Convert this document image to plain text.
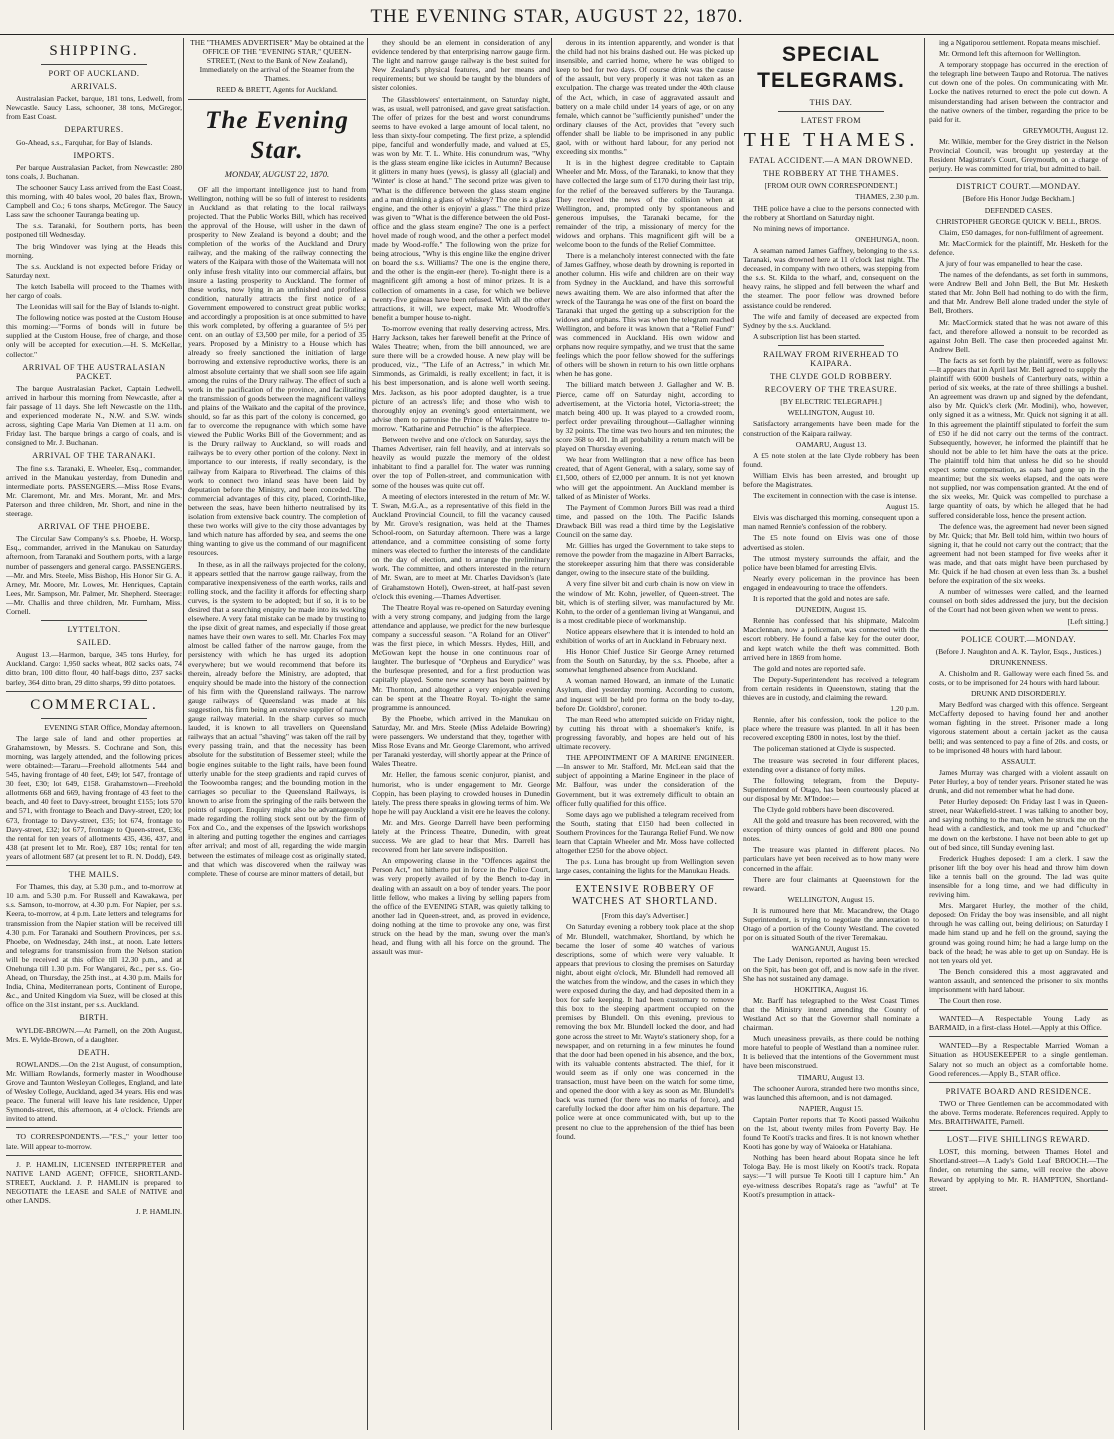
THE EVENING STAR, AUGUST 22, 1870.
SHIPPING.
PORT OF AUCKLAND.
ARRIVALS.

Australasian Packet, barque, 181 tons, Ledwell, from Newcastle. Saucy Lass, schooner, 38 tons, McGregor, from East Coast.

DEPARTURES.

Go-Ahead, s.s., Farquhar, for Bay of Islands.

IMPORTS.

Per barque Australasian Packet, from Newcastle: 280 tons coals, J. Buchanan.

The schooner Saucy Lass arrived from the East Coast, this morning, with 40 bales wool, 20 bales flax, Brown, Campbell and Co.; 6 tons sharps, McGregor. The Saucy Lass saw the schooner Tauranga beating up.

The s.s. Taranaki, for Southern ports, has been postponed till Wednesday.

The brig Windover was lying at the Heads this morning.

The s.s. Auckland is not expected before Friday or Saturday next.

The ketch Isabella will proceed to the Thames with her cargo of coals.

The Leonidas will sail for the Bay of Islands to-night.

The following notice was posted at the Custom House this morning:—"Forms of bonds will in future be supplied at the Custom House, free of charge, and those only will be accepted for execution.—H. S. McKellar, collector."

ARRIVAL OF THE AUSTRALASIAN PACKET.

The barque Australasian Packet, Captain Ledwell, arrived in harbour this morning from Newcastle, after a fair passage of 11 days. She left Newcastle on the 11th, and experienced moderate N., N.W. and S.W. winds across, sighting Cape Maria Van Diemen at 11 a.m. on Friday last. The barque brings a cargo of coals, and is consigned to Mr. J. Buchanan.

ARRIVAL OF THE TARANAKI.

The fine s.s. Taranaki, E. Wheeler, Esq., commander, arrived in the Manukau yesterday, from Dunedin and intermediate ports. PASSENGERS.—Miss Rose Evans, Mr. Claremont, Mr. and Mrs. Morant, Mr. and Mrs. Paterson and three children, Mr. Short, and nine in the steerage.

ARRIVAL OF THE PHOEBE.

The Circular Saw Company's s.s. Phoebe, H. Worsp, Esq., commander, arrived in the Manukau on Saturday afternoon, from Taranaki and Southern ports, with a large number of passengers and general cargo. PASSENGERS.—Mr. and Mrs. Steele, Miss Bishop, His Honor Sir G. A. Arney, Mr. Moore, Mr. Lowes, Mr. Henriques, Captain Lees, Mr. Sampson, Mr. Palmer, Mr. Shepherd. Steerage:—Mr. Challis and three children, Mr. Furnham, Miss. Cornell.

LYTTELTON.
SAILED.

August 13.—Harmon, barque, 345 tons Hurley, for Auckland. Cargo: 1,950 sacks wheat, 802 sacks oats, 74 ditto bran, 100 ditto flour, 40 half-bags ditto, 237 sacks barley, 364 ditto bran, 29 ditto sharps, 99 ditto potatoes.

COMMERCIAL.

EVENING STAR Office, Monday afternoon.

The large sale of land and other properties at Grahamstown, by Messrs. S. Cochrane and Son, this morning, was largely attended, and the following prices were obtained:—Tararu—Freehold allotments 544 and 545, having frontage of 40 feet, £49; lot 547, frontage of 30 feet, £30; lot 649, £158. Grahamstown—Freehold allotments 668 and 669, having frontage of 43 feet to the beach, and 40 feet to Davy-street, brought £155; lots 570 and 571, with frontage to Beach and Davy-street, £20; lot 673, frontage to Davy-street, £35; lot 674, frontage to Davy-street, £32; lot 677, frontage to Queen-street, £36; the rental for ten years of allotments 435, 436, 437, and 438 (at present let to Mr. Roe), £87 10s; rental for ten years of allotment 687 (at present let to R. N. Dodd), £49.

THE MAILS.

For Thames, this day, at 5.30 p.m., and to-morrow at 10 a.m. and 5.30 p.m. For Russell and Kawakawa, per s.s. Samson, to-morrow, at 4.30 p.m. For Napier, per s.s. Keera, to-morrow, at 4 p.m. Late letters and telegrams for transmission from the Napier station will be received till 4.30 p.m. For Taranaki and Southern Provinces, per s.s. Phoebe, on Wednesday, 24th inst., at noon. Late letters and telegrams for transmission from the Nelson station will be received at this office till 12.30 p.m., and at Onehunga till 1.30 p.m. For Wangarei, &c., per s.s. Go-Ahead, on Thursday, the 25th inst., at 4.30 p.m. Mails for India, China, Mediterranean ports, Continent of Europe, &c., and United Kingdom via Suez, will be closed at this office on the 31st instant, per s.s. Auckland.

BIRTH.

WYLDE-BROWN.—At Parnell, on the 20th August, Mrs. E. Wylde-Brown, of a daughter.

DEATH.

ROWLANDS.—On the 21st August, of consumption, Mr. William Rowlands, formerly master in Woodhouse Grove and Taunton Wesleyan Colleges, England, and late of Wesley College, Auckland, aged 34 years. His end was peace. The funeral will leave his late residence, Upper Symonds-street, this afternoon, at 4 o'clock. Friends are invited to attend.

TO CORRESPONDENTS.—"F.S.," your letter too late. Will appear to-morrow.

J. P. HAMLIN, LICENSED INTERPRETER and NATIVE LAND AGENT; OFFICE, SHORTLAND-STREET, Auckland. J. P. HAMLIN is prepared to NEGOTIATE the LEASE and SALE of NATIVE and other LANDS.

J. P. HAMLIN.

THE "THAMES ADVERTISER" May be obtained at the OFFICE OF THE "EVENING STAR," QUEEN-STREET, (Next to the Bank of New Zealand), Immediately on the arrival of the Steamer from the Thames.

REED & BRETT, Agents for Auckland.

The Evening Star.
MONDAY, AUGUST 22, 1870.

OF all the important intelligence just to hand from Wellington, nothing will be so full of interest to residents in Auckland as that relating to the local railways projected. That the Public Works Bill, which has received the approval of the House, will usher in the dawn of prosperity to New Zealand is beyond a doubt; and the completion of the works of the Auckland and Drury railway, and the making of the railway connecting the waters of the Kaipara with those of the Waitemata will not only infuse fresh vitality into our commercial affairs, but insure a lasting prosperity to Auckland. The former of these works, now lying in an unfinished and profitless condition, naturally attracts the first notice of a Government empowered to construct great public works; and accordingly a proposition is at once submitted to have this work completed, by offering a guarantee of 5½ per cent. on an outlay of £3,500 per mile, for a period of 35 years. Proposed by a Ministry to a House which has already so freely sanctioned the initiation of large borrowing and extensive reproductive works, there is an almost absolute certainty that we shall soon see life again among the ruins of the Drury railway. The effect of such a work in the pacification of the province, and facilitating the transmission of goods between the magnificent valleys and plains of the Waikato and the capital of the province, should, so far as this part of the colony is concerned, go far to overcome the repugnance with which some have viewed the Public Works Bill of the Government; and as is the Drury railway to Auckland, so will roads and railways be to every other portion of the colony. Next in importance to our interests, if really secondary, is the railway from Kaipara to Riverhead. The claims of this work to connect two inland seas have been laid by deputation before the Ministry, and been conceded. The commercial advantages of this city, placed, Corinth-like, between the seas, have been hitherto neutralised by its isolation from extensive back country. The completion of these two works will give to the city those advantages by land which nature has afforded by sea, and seems the one thing wanting to give us the command of our magnificent resources.

In these, as in all the railways projected for the colony, it appears settled that the narrow gauge railway, from the comparative inexpensiveness of the earth works, rails and rolling stock, and the facility it affords for effecting sharp curves, is the system to be adopted; but if so, it is to be desired that a searching enquiry be made into its working elsewhere. A very fatal mistake can be made by trusting to the ipse dixit of great names, and especially if those great names have their own wares to sell. Mr. Charles Fox may almost be called father of the narrow gauge, from the persistency with which he has urged its adoption everywhere; but we would recommend that before its therein, already before the Ministry, are adopted, that enquiry should be made into the history of the connection of his firm with the Queensland railways. The narrow gauge railways of Queensland was made at his suggestion, his firm being an extensive supplier of narrow gauge railway material. In the sharp curves so much lauded, it is known to all travellers on Queensland railways that an actual "shaving" was taken off the rail by every passing train, and that the necessity has been absolute for the substitution of Bessemer steel; while the bogie engines suitable to the light rails, have been found utterly unable for the steep gradients and rapid curves of the Toowoomba ranges; and the bounding motion in the carriages so peculiar to the Queensland Railways, is known to arise from the springing of the rails between the points of support. Enquiry might also be advantageously made regarding the rolling stock sent out by the firm of Fox and Co., and the expenses of the Ipswich workshops in altering and putting together the engines and carriages after arrival; and most of all, regarding the wide margin between the estimates of mileage cost as originally stated, and that which was discovered when the railway was complete. These of course are minor matters of detail, but

they should be an element in consideration of any evidence tendered by that enterprising narrow gauge firm. The light and narrow gauge railway is the best suited for New Zealand's physical features, and her means and requirements; but we should be taught by the blunders of sister colonies.

The Glassblowers' entertainment, on Saturday night, was, as usual, well patronised, and gave great satisfaction. The offer of prizes for the best and worst conundrums seems to have evoked a large amount of local talent, no less than sixty-four competing. The first prize, a splendid pipe, fanciful and wonderfully made, and valued at £5, was won by Mr. T. L. White. His conundrum was, "Why is the glass steam engine like icicles in Autumn? Because it glitters in many hues (yews), is glassy all (glacial) and 'Winter' is close at hand." The second prize was given to "What is the difference between the glass steam engine and a man drinking a glass of whiskey? The one is a glass engine, and the other is enjoyin' a glass." The third prize was given to "What is the difference between the old Post-office and the glass steam engine? The one is a perfect hovel made of rough wood, and the other a perfect model made by Wood-roffe." The following won the prize for being atrocious, "Why is this engine like the engine driver on board the s.s. Williams? The one is the engine there, and the other is the engin-eer (here). To-night there is a magnificent gift among a host of minor prizes. It is a collection of ornaments in a case, for which we believe twenty-five guineas have been refused. With all the other attractions, it will, we expect, make Mr. Woodroffe's benefit a bumper house to-night.

To-morrow evening that really deserving actress, Mrs. Harry Jackson, takes her farewell benefit at the Prince of Wales Theatre; when, from the bill announced, we are sure there will be a crowded house. A new play will be produced, viz., "The Life of an Actress," in which Mr. Simmonds, as Grimaldi, is really excellent; in fact, it is his best impersonation, and is alone well worth seeing. Mrs. Jackson, as his poor adopted daughter, is a true picture of an actress's life; and those who wish to thoroughly enjoy an evening's good entertainment, we advise them to patronise the Prince of Wales Theatre to-morrow. "Katharine and Petruchio" is the afterpiece.

Between twelve and one o'clock on Saturday, says the Thames Advertiser, rain fell heavily, and at intervals so heavily as would puzzle the memory of the oldest inhabitant to find a parallel for. The water was running over the top of Pollen-street, and communication with some of the houses was quite cut off.

A meeting of electors interested in the return of Mr. W. T. Swan, M.G.A., as a representative of this field in the Auckland Provincial Council, to fill the vacancy caused by Mr. Grove's resignation, was held at the Thames School-room, on Saturday afternoon. There was a large attendance, and a committee consisting of some forty miners was elected to further the interests of the candidate on the day of election, and to arrange the preliminary work. The committee, and others interested in the return of Mr. Swan, are to meet at Mr. Charles Davidson's (late of Grahamstown Hotel), Owen-street, at half-past seven o'clock this evening.—Thames Advertiser.

The Theatre Royal was re-opened on Saturday evening with a very strong company, and judging from the large attendance and applause, we predict for the new burlesque company a successful season. "A Roland for an Oliver" was the first piece, in which Messrs. Hydes, Hill, and McGowan kept the house in one continuous roar of laughter. The burlesque of "Orpheus and Eurydice" was the burlesque presented, and for a first production was capitally played. Some new scenery has been painted by Mr. Thornton, and altogether a very enjoyable evening can be spent at the Theatre Royal. To-night the same programme is announced.

By the Phoebe, which arrived in the Manukau on Saturday, Mr. and Mrs. Steele (Miss Adelaide Bowring) were passengers. We understand that they, together with Miss Rose Evans and Mr. George Claremont, who arrived per Taranaki yesterday, will shortly appear at the Prince of Wales Theatre.

Mr. Heller, the famous scenic conjuror, pianist, and humorist, who is under engagement to Mr. George Coppin, has been playing to crowded houses in Dunedin lately. The press there speaks in glowing terms of him. We hope he will pay Auckland a visit ere he leaves the colony.

Mr. and Mrs. George Darrell have been performing lately at the Princess Theatre, Dunedin, with great success. We are glad to hear that Mrs. Darrell has recovered from her late severe indisposition.

An empowering clause in the "Offences against the Person Act," not hitherto put in force in the Police Court, was very properly availed of by the Bench to-day in dealing with an assault on a boy of tender years. The poor little fellow, who makes a living by selling papers from the office of the EVENING STAR, was quietly talking to another lad in Queen-street, and, as proved in evidence, doing nothing at the time to provoke any one, was first struck on the head by the man, swung over the man's head, and flung with all his force on the ground. The assault was mur-

derous in its intention apparently, and wonder is that the child had not his brains dashed out. He was picked up insensible, and carried home, where he was obliged to keep to bed for two days. Of course drink was the cause of the assault, but very properly it was not taken as an exculpation. The charge was treated under the 40th clause of the Act, which, in case of aggravated assault and battery on a male child under 14 years of age, or on any female, which cannot be "sufficiently punished" under the ordinary clauses of the Act, provides that "every such offender shall be liable to be imprisoned in any public gaol, with or without hard labour, for any period not exceeding six months."

It is in the highest degree creditable to Captain Wheeler and Mr. Moss, of the Taranaki, to know that they have collected the large sum of £170 during their last trip, for the relief of the bereaved sufferers by the Tauranga. They received the news of the collision when at Wellington, and, prompted only by spontaneous and generous impulses, the Taranaki became, for the remainder of the trip, a missionary of mercy for the widows and orphans. This magnificent gift will be a welcome boon to the funds of the Relief Committee.

There is a melancholy interest connected with the fate of James Gaffney, whose death by drowning is reported in another column. His wife and children are on their way from Sydney in the Auckland, and have this sorrowful news awaiting them. We are also informed that after the wreck of the Tauranga he was one of the first on board the Taranaki that urged the getting up a subscription for the widows and orphans. This was when the telegram reached Wellington, and before it was known that a "Relief Fund" was commenced in Auckland. His own widow and orphans now require sympathy, and we trust that the same feelings which the poor fellow showed for the sufferings of others will be shown in return to his own little orphans when he has gone.

The billiard match between J. Gallagher and W. B. Pierce, came off on Saturday night, according to advertisement, at the Victoria hotel, Victoria-street; the match being 400 up. It was played to a crowded room, perfect order prevailing throughout—Gallagher winning by 32 points. The time was two hours and ten minutes; the score 368 to 401. In all probability a return match will be played on Thursday evening.

We hear from Wellington that a new office has been created, that of Agent General, with a salary, some say of £1,500, others of £2,000 per annum. It is not yet known who will get the appointment. An Auckland member is talked of as Minister of Works.

The Payment of Common Jurors Bill was read a third time, and passed on the 10th. The Pacific Islands Drawback Bill was read a third time by the Legislative Council on the same day.

Mr. Gillies has urged the Government to take steps to remove the powder from the magazine in Albert Barracks, the storekeeper assuring him that there was considerable danger, owing to the insecure state of the building.

A very fine silver bit and curb chain is now on view in the window of Mr. Kohn, jeweller, of Queen-street. The bit, which is of sterling silver, was manufactured by Mr. Kohn, to the order of a gentleman living at Wanganui, and is a most creditable piece of workmanship.

Notice appears elsewhere that it is intended to hold an exhibition of works of art in Auckland in February next.

His Honor Chief Justice Sir George Arney returned from the South on Saturday, by the s.s. Phoebe, after a somewhat lengthened absence from Auckland.

A woman named Howard, an inmate of the Lunatic Asylum, died yesterday morning. According to custom, and inquest will be held pro forma on the body to-day, before Dr. Goldsbro', coroner.

The man Reed who attempted suicide on Friday night, by cutting his throat with a shoemaker's knife, is progressing favorably, and hopes are held out of his ultimate recovery.

THE APPOINTMENT OF A MARINE ENGINEER.—In answer to Mr. Stafford, Mr. McLean said that the subject of appointing a Marine Engineer in the place of Mr. Balfour, was under the consideration of the Government, but it was extremely difficult to obtain an officer fully qualified for this office.

Some days ago we published a telegram received from the South, stating that £150 had been collected in Southern Provinces for the Tauranga Relief Fund. We now learn that Captain Wheeler and Mr. Moss have collected altogether £250 for the above object.

The p.s. Luna has brought up from Wellington seven large cases, containing the lights for the Manukau Heads.

EXTENSIVE ROBBERY OF WATCHES AT SHORTLAND.

[From this day's Advertiser.]

On Saturday evening a robbery took place at the shop of Mr. Blundell, watchmaker, Shortland, by which he became the loser of some 40 watches of various descriptions, some of which were very valuable. It appears that previous to closing the premises on Saturday night, about eight o'clock, Mr. Blundell had removed all the watches from the window, and the cases in which they were exposed during the day, and had deposited them in a box for safe keeping. It had been customary to remove this box to the sleeping apartment occupied on the premises by Blundell. On this evening, previous to removing the box Mr. Blundell locked the door, and had gone across the street to Mr. Wayte's stationery shop, for a newspaper, and on returning in a few minutes he found that the door had been opened in his absence, and the box, with its valuable contents abstracted. The thief, for it would seem as if only one was concerned in the transaction, must have been on the watch for some time, and opened the door with a key as soon as Mr. Blundell's back was turned (for there was no marks of force), and carefully locked the door after him on his departure. The police were at once communicated with, but up to the present no clue to the apprehension of the thief has been found.

ing a Ngatiporou settlement. Ropata means mischief.

Mr. Ormond left this afternoon for Wellington.

A temporary stoppage has occurred in the erection of the telegraph line between Taupo and Rotorua. The natives cut down one of the poles. On communicating with Mr. Locke the natives returned to erect the pole cut down. A misunderstanding had arisen between the contractor and the native owners of the timber, regarding the price to be paid for it.

GREYMOUTH, August 12.

Mr. Wilkie, member for the Grey district in the Nelson Provincial Council, was brought up yesterday at the Resident Magistrate's Court, Greymouth, on a charge of perjury. He was committed for trial, but admitted to bail.

DISTRICT COURT.—MONDAY.

[Before His Honor Judge Beckham.]

DEFENDED CASES.

CHRISTOPHER GEORGE QUICK V. BELL, BROS.

Claim, £50 damages, for non-fulfilment of agreement.

Mr. MacCormick for the plaintiff, Mr. Hesketh for the defence.

A jury of four was empanelled to hear the case.

The names of the defendants, as set forth in summons, were Andrew Bell and John Bell, the But Mr. Hesketh stated that Mr. John Bell had nothing to do with the firm, and that Mr. Andrew Bell alone traded under the style of Bell, Brothers.

Mr. MacCormick stated that he was not aware of this fact, and therefore allowed a nonsuit to be recorded as against John Bell. The case then proceeded against Mr. Andrew Bell.

The facts as set forth by the plaintiff, were as follows:—It appears that in April last Mr. Bell agreed to supply the plaintiff with 6000 bushels of Canterbury oats, within a period of six weeks, at the rate of three shillings a bushel. An agreement was drawn up and signed by the defendant, also by Mr. Quick's clerk (Mr. Modini), who, however, only signed it as a witness, Mr. Quick not signing it at all. In this agreement the plaintiff stipulated to forfeit the sum of £50 if he did not carry out the terms of the contract. Subsequently, however, he informed the plaintiff that he should not be able to let him have the oats at the price. The plaintiff told him that unless he did so he should expect some compensation, as oats had gone up in the meantime; but the six weeks elapsed, and the oats were not supplied, nor was compensation granted. At the end of the six weeks, Mr. Quick was compelled to purchase a large quantity of oats, by which he alleged that he had suffered considerable loss, hence the present action.

The defence was, the agreement had never been signed by Mr. Quick; that Mr. Bell told him, within two hours of signing it, that he could not carry out the contract; that the agreement had not been stamped for five weeks after it was made, and that oats might have been purchased by Mr. Quick if he had chosen at even less than 3s. a bushel before the expiration of the six weeks.

A number of witnesses were called, and the learned counsel on both sides addressed the jury, but the decision of the Court had not been given when we went to press.

[Left sitting.]

POLICE COURT.—MONDAY.

(Before J. Naughton and A. K. Taylor, Esqs., Justices.)

DRUNKENNESS.

A. Chisholm and R. Galloway were each fined 5s. and costs, or to be imprisoned for 24 hours with hard labour.

DRUNK AND DISORDERLY.

Mary Bedford was charged with this offence. Sergeant McCafferty deposed to having found her and another woman fighting in the street. Prisoner made a long vigorous statement about a certain jacket as the causa belli; and was sentenced to pay a fine of 20s. and costs, or to be imprisoned 48 hours with hard labour.

ASSAULT.

James Murray was charged with a violent assault on Peter Hurley, a boy of tender years. Prisoner stated he was drunk, and did not remember what he had done.

Peter Hurley deposed: On Friday last I was in Queen-street, near Wakefield-street. I was talking to another boy, and saying nothing to the man, when he struck me on the head with a candlestick, and took me up and "chucked" me down on the kerbstone. I have not been able to get up out of bed since, till Sunday evening last.

Frederick Hughes deposed: I am a clerk. I saw the prisoner lift the boy over his head and throw him down like a tennis ball on the ground. The lad was quite insensible for a long time, and we had difficulty in reviving him.

Mrs. Margaret Hurley, the mother of the child, deposed: On Friday the boy was insensible, and all night through he was calling out, being delirious; on Saturday I made him stand up and he fell on the ground, saying the ground was going round him; he had a large lump on the back of the head; he was able to get up on Sunday. He is not ten years old yet.

The Bench considered this a most aggravated and wanton assault, and sentenced the prisoner to six months imprisonment with hard labour.

The Court then rose.

WANTED—A Respectable Young Lady as BARMAID, in a first-class Hotel.—Apply at this Office.

WANTED—By a Respectable Married Woman a Situation as HOUSEKEEPER to a single gentleman. Salary not so much an object as a comfortable home. Good references.—Apply B., STAR office.

PRIVATE BOARD AND RESIDENCE.

TWO or Three Gentlemen can be accommodated with the above. Terms moderate. References required. Apply to Mrs. BRAITHWAITE, Parnell.

LOST—FIVE SHILLINGS REWARD.

LOST, this morning, between Thames Hotel and Shortland-street—A Lady's Gold Leaf BROOCH.—The finder, on returning the same, will receive the above Reward by applying to Mr. R. HAMPTON, Shortland-street.

SPECIAL TELEGRAMS.
THIS DAY.
LATEST FROM
THE THAMES.
FATAL ACCIDENT.—A MAN DROWNED.
THE ROBBERY AT THE THAMES.

[FROM OUR OWN CORRESPONDENT.]

THAMES, 2.30 p.m.

THE police have a clue to the persons connected with the robbery at Shortland on Saturday night.

No mining news of importance.

ONEHUNGA, noon.

A seaman named James Gaffney, belonging to the s.s. Taranaki, was drowned here at 11 o'clock last night. The deceased, in company with two others, was stepping from the s.s. St. Kilda to the wharf, and, consequent on the heavy rains, he slipped and fell between the wharf and the steamer. The poor fellow was drowned before assistance could be rendered.

The wife and family of deceased are expected from Sydney by the s.s. Auckland.

A subscription list has been started.

RAILWAY FROM RIVERHEAD TO KAIPARA.
THE CLYDE GOLD ROBBERY.
RECOVERY OF THE TREASURE.

[BY ELECTRIC TELEGRAPH.]

WELLINGTON, August 10.

Satisfactory arrangements have been made for the construction of the Kaipara railway.

OAMARU, August 13.

A £5 note stolen at the late Clyde robbery has been found.

William Elvis has been arrested, and brought up before the Magistrates.

The excitement in connection with the case is intense.

August 15.

Elvis was discharged this morning, consequent upon a man named Rennie's confession of the robbery.

The £5 note found on Elvis was one of those advertised as stolen.

The utmost mystery surrounds the affair, and the police have been blamed for arresting Elvis.

Nearly every policeman in the province has been engaged in endeavouring to trace the offenders.

It is reported that the gold and notes are safe.

DUNEDIN, August 15.

Rennie has confessed that his shipmate, Malcolm Macclennan, now a policeman, was connected with the escort robbery. He found a false key for the outer door, and kept watch while the theft was committed. Both arrived here in 1869 from home.

The gold and notes are reported safe.

The Deputy-Superintendent has received a telegram from certain residents in Queenstown, stating that the thieves are in custody, and claiming the reward.

1.20 p.m.

Rennie, after his confession, took the police to the place where the treasure was planted. In all it has been recovered excepting £800 in notes, lost by the thief.

The policeman stationed at Clyde is suspected.

The treasure was secreted in four different places, extending over a distance of forty miles.

The following telegram, from the Deputy-Superintendent of Otago, has been courteously placed at our disposal by Mr. M'Indoe:—

The Clyde gold robbers have been discovered.

All the gold and treasure has been recovered, with the exception of thirty ounces of gold and 800 one pound notes.

The treasure was planted in different places. No particulars have yet been received as to how many were concerned in the affair.

There are four claimants at Queenstown for the reward.

WELLINGTON, August 15.

It is rumoured here that Mr. Macandrew, the Otago Superintendent, is trying to negotiate the annexation to Otago of a portion of the County Westland. The coveted por on is situated South of the river Teremakau.

WANGANUI, August 15.

The Lady Denison, reported as having been wrecked on the Spit, has been got off, and is now safe in the river. She has not sustained any damage.

HOKITIKA, August 16.

Mr. Barff has telegraphed to the West Coast Times that the Ministry intend amending the County of Westland Act so that the Governor shall nominate a chairman.

Much uneasiness prevails, as there could be nothing more hateful to people of Westland than a nominee ruler. It is believed that the intentions of the Government must have been misconstrued.

TIMARU, August 13.

The schooner Aurora, stranded here two months since, was launched this afternoon, and is not damaged.

NAPIER, August 15.

Captain Porter reports that Te Kooti passed Waikohu on the 1st, about twenty miles from Poverty Bay. He found Te Kooti's tracks and fires. It is not known whether Kooti has gone by way of Waioeka or Hatahiana.

Nothing has been heard about Ropata since he left Tologa Bay. He is most likely on Kooti's track. Ropata says:—"I will pursue Te Kooti till I capture him." An eye-witness describes Ropata's rage as "awful" at Te Kooti's presumption in attack-
